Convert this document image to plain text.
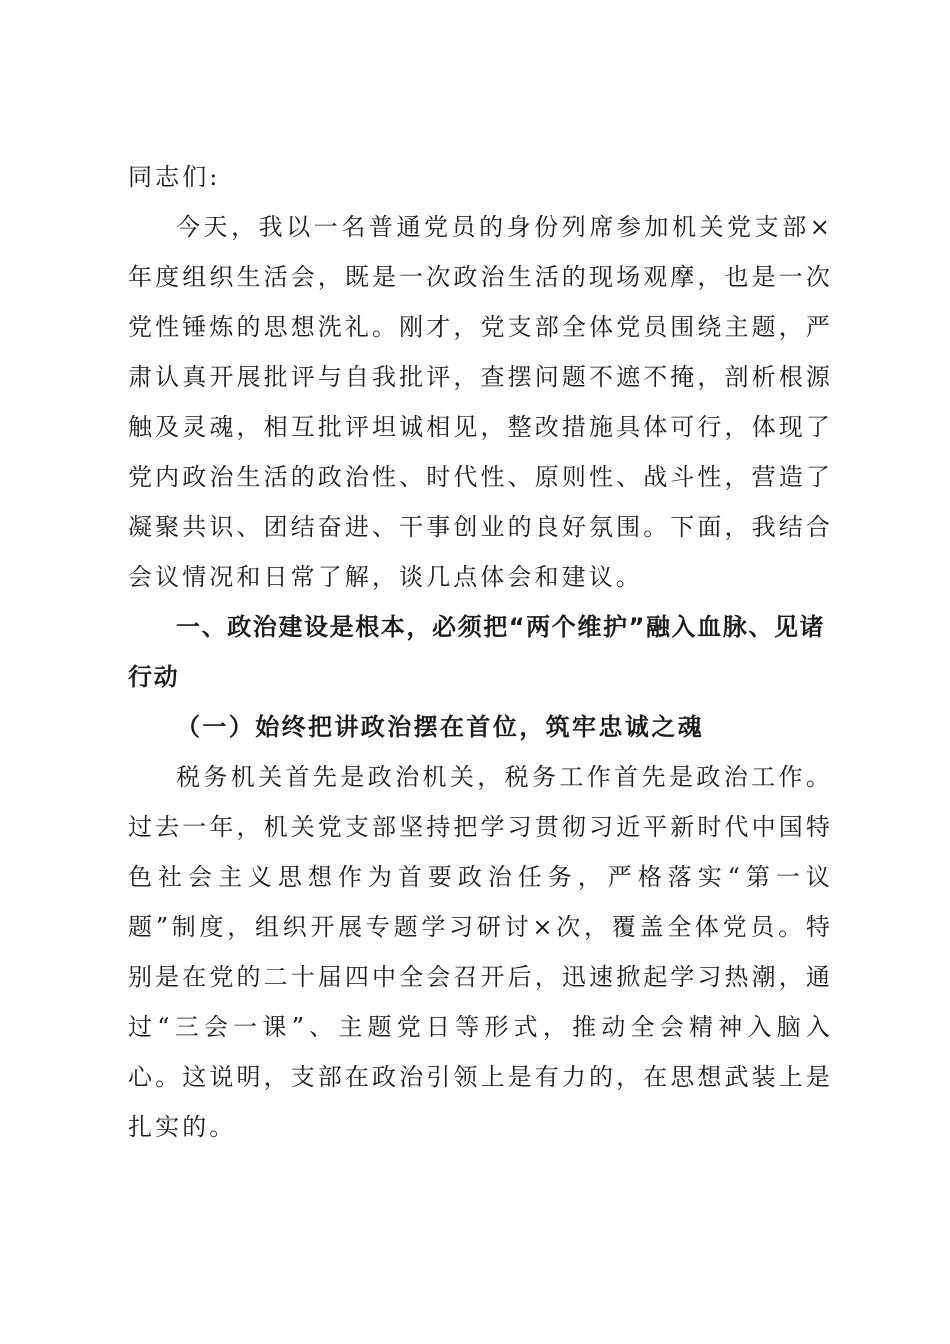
同志们:

今天，我以一名普通党员的身份列席参加机关党支部×年度组织生活会，既是一次政治生活的现场观摩，也是一次党性锤炼的思想洗礼。刚才，党支部全体党员围绕主题，严肃认真开展批评与自我批评，查摆问题不遮不掩，剖析根源触及灵魂，相互批评坦诚相见，整改措施具体可行，体现了党内政治生活的政治性、时代性、原则性、战斗性，营造了凝聚共识、团结奋进、干事创业的良好氛围。下面，我结合会议情况和日常了解，谈几点体会和建议。

一、政治建设是根本，必须把“两个维护”融入血脉、见诸行动

（一）始终把讲政治摆在首位，筑牢忠诚之魂

税务机关首先是政治机关，税务工作首先是政治工作。过去一年，机关党支部坚持把学习贯彻习近平新时代中国特色社会主义思想作为首要政治任务，严格落实“第一议题”制度，组织开展专题学习研讨×次，覆盖全体党员。特别是在党的二十届四中全会召开后，迅速掀起学习热潮，通过“三会一课”、主题党日等形式，推动全会精神入脑入心。这说明，支部在政治引领上是有力的，在思想武装上是扎实的。
